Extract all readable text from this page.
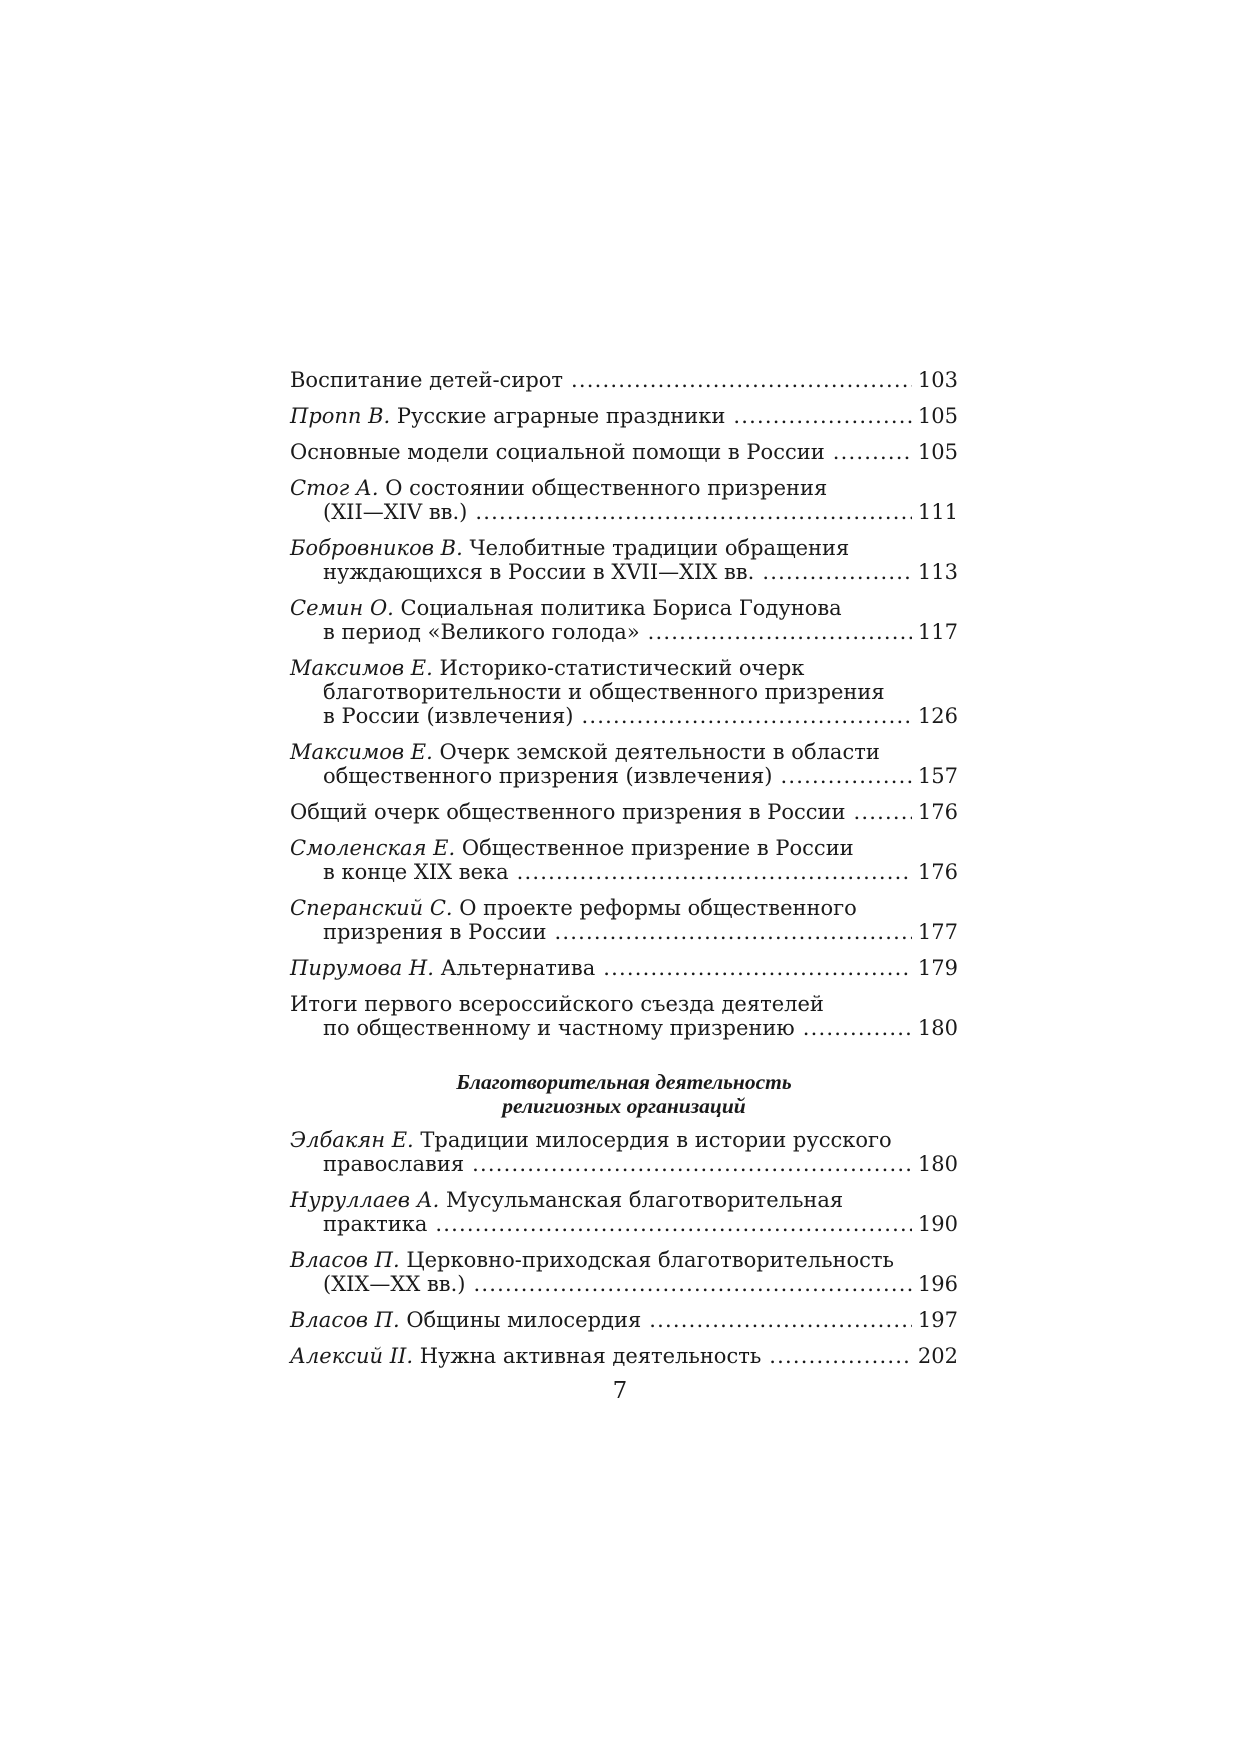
Воспитание детей-сирот .....	103
Пропп В.
Русские аграрные праздники .....	105
Основные модели социальной помощи в России .....	105
Стог А.
О состоянии общественного призрения
(XII—XIV вв.) .....	111
Бобровников В.
Челобитные традиции обращения
нуждающихся в России в XVII—XIX вв. .....	113
Семин О.
Социальная политика Бориса Годунова
в период «Великого голода» .....	117
Максимов Е.
Историко-статистический очерк
благотворительности и общественного призрения
в России (извлечения) .....	126
Максимов Е.
Очерк земской деятельности в области
общественного призрения (извлечения) .....	157
Общий очерк общественного призрения в России .....	176
Смоленская Е.
Общественное призрение в России
в конце XIX века .....	176
Сперанский С.
О проекте реформы общественного
призрения в России .....	177
Пирумова Н.
Альтернатива .....	179
Итоги первого всероссийского съезда деятелей
по общественному и частному призрению .....	180
Благотворительная деятельность
религиозных организаций
Элбакян Е.
Традиции милосердия в истории русского
православия .....	180
Нуруллаев А.
Мусульманская благотворительная
практика .....	190
Власов П.
Церковно-приходская благотворительность
(XIX—XX вв.) .....	196
Власов П.
Общины милосердия .....	197
Алексий II.
Нужна активная деятельность .....	202
7
